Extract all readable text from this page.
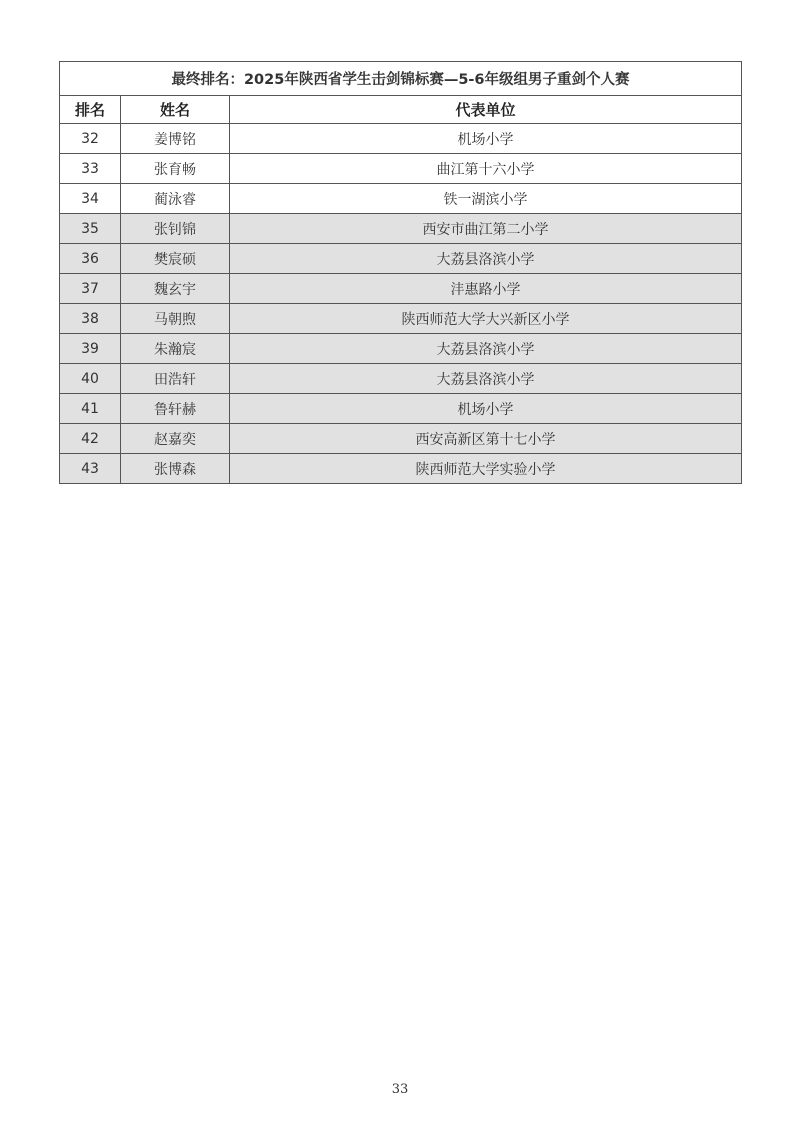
最终排名：2025年陕西省学生击剑锦标赛—5-6年级组男子重剑个人赛		
排名	姓名	代表单位
32	姜博铭	机场小学
33	张育畅	曲江第十六小学
34	蔺泳睿	铁一湖滨小学
35	张钊锦	西安市曲江第二小学
36	樊宸硕	大荔县洛滨小学
37	魏玄宇	沣惠路小学
38	马朝煦	陕西师范大学大兴新区小学
39	朱瀚宸	大荔县洛滨小学
40	田浩轩	大荔县洛滨小学
41	鲁轩赫	机场小学
42	赵嘉奕	西安高新区第十七小学
43	张博森	陕西师范大学实验小学
33
